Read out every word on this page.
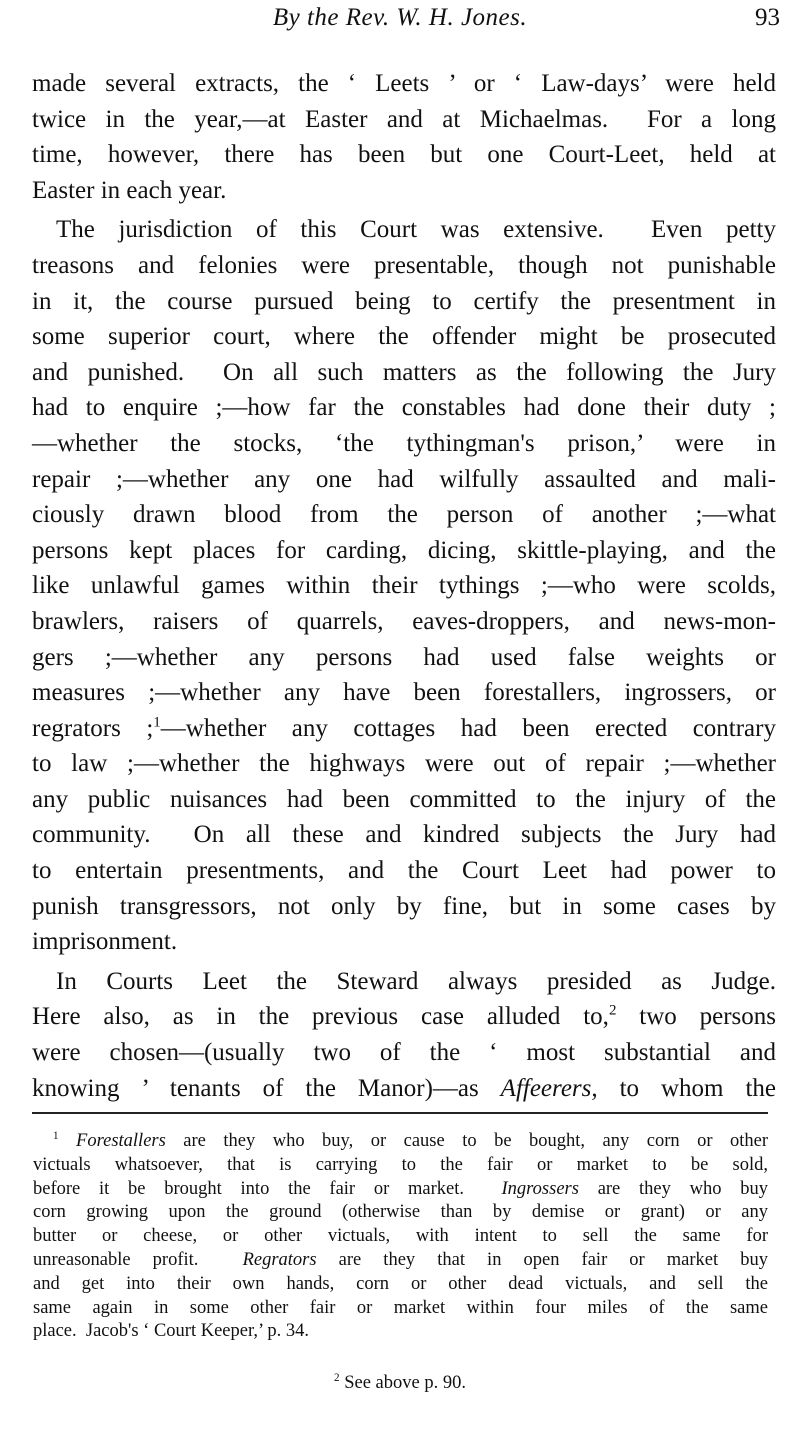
By the Rev. W. H. Jones.	93
made several extracts, the ‘ Leets ’ or ‘ Law-days’ were held
twice in the year,—at Easter and at Michaelmas.  For a long
time, however, there has been but one Court-Leet, held at
Easter in each year.
The jurisdiction of this Court was extensive.  Even petty
treasons and felonies were presentable, though not punishable
in it, the course pursued being to certify the presentment in
some superior court, where the offender might be prosecuted
and punished.  On all such matters as the following the Jury
had to enquire ;—how far the constables had done their duty ;
—whether the stocks, ‘the tythingman's prison,’ were in
repair ;—whether any one had wilfully assaulted and mali-
ciously drawn blood from the person of another ;—what
persons kept places for carding, dicing, skittle-playing, and the
like unlawful games within their tythings ;—who were scolds,
brawlers, raisers of quarrels, eaves-droppers, and news-mon-
gers ;—whether any persons had used false weights or
measures ;—whether any have been forestallers, ingrossers, or
regrators ;$^1$—whether any cottages had been erected contrary
to law ;—whether the highways were out of repair ;—whether
any public nuisances had been committed to the injury of the
community.  On all these and kindred subjects the Jury had
to entertain presentments, and the Court Leet had power to
punish transgressors, not only by fine, but in some cases by
imprisonment.
In Courts Leet the Steward always presided as Judge.
Here also, as in the previous case alluded to,$^2$ two persons
were chosen—(usually two of the ‘ most substantial and
knowing ’ tenants of the Manor)—as Affeerers, to whom the
$^1$ Forestallers are they who buy, or cause to be bought, any corn or other
victuals whatsoever, that is carrying to the fair or market to be sold,
before it be brought into the fair or market.  Ingrossers are they who buy
corn growing upon the ground (otherwise than by demise or grant) or any
butter or cheese, or other victuals, with intent to sell the same for
unreasonable profit.  Regrators are they that in open fair or market buy
and get into their own hands, corn or other dead victuals, and sell the
same again in some other fair or market within four miles of the same
place.  Jacob's ‘ Court Keeper,’ p. 34.
$^2$ See above p. 90.
